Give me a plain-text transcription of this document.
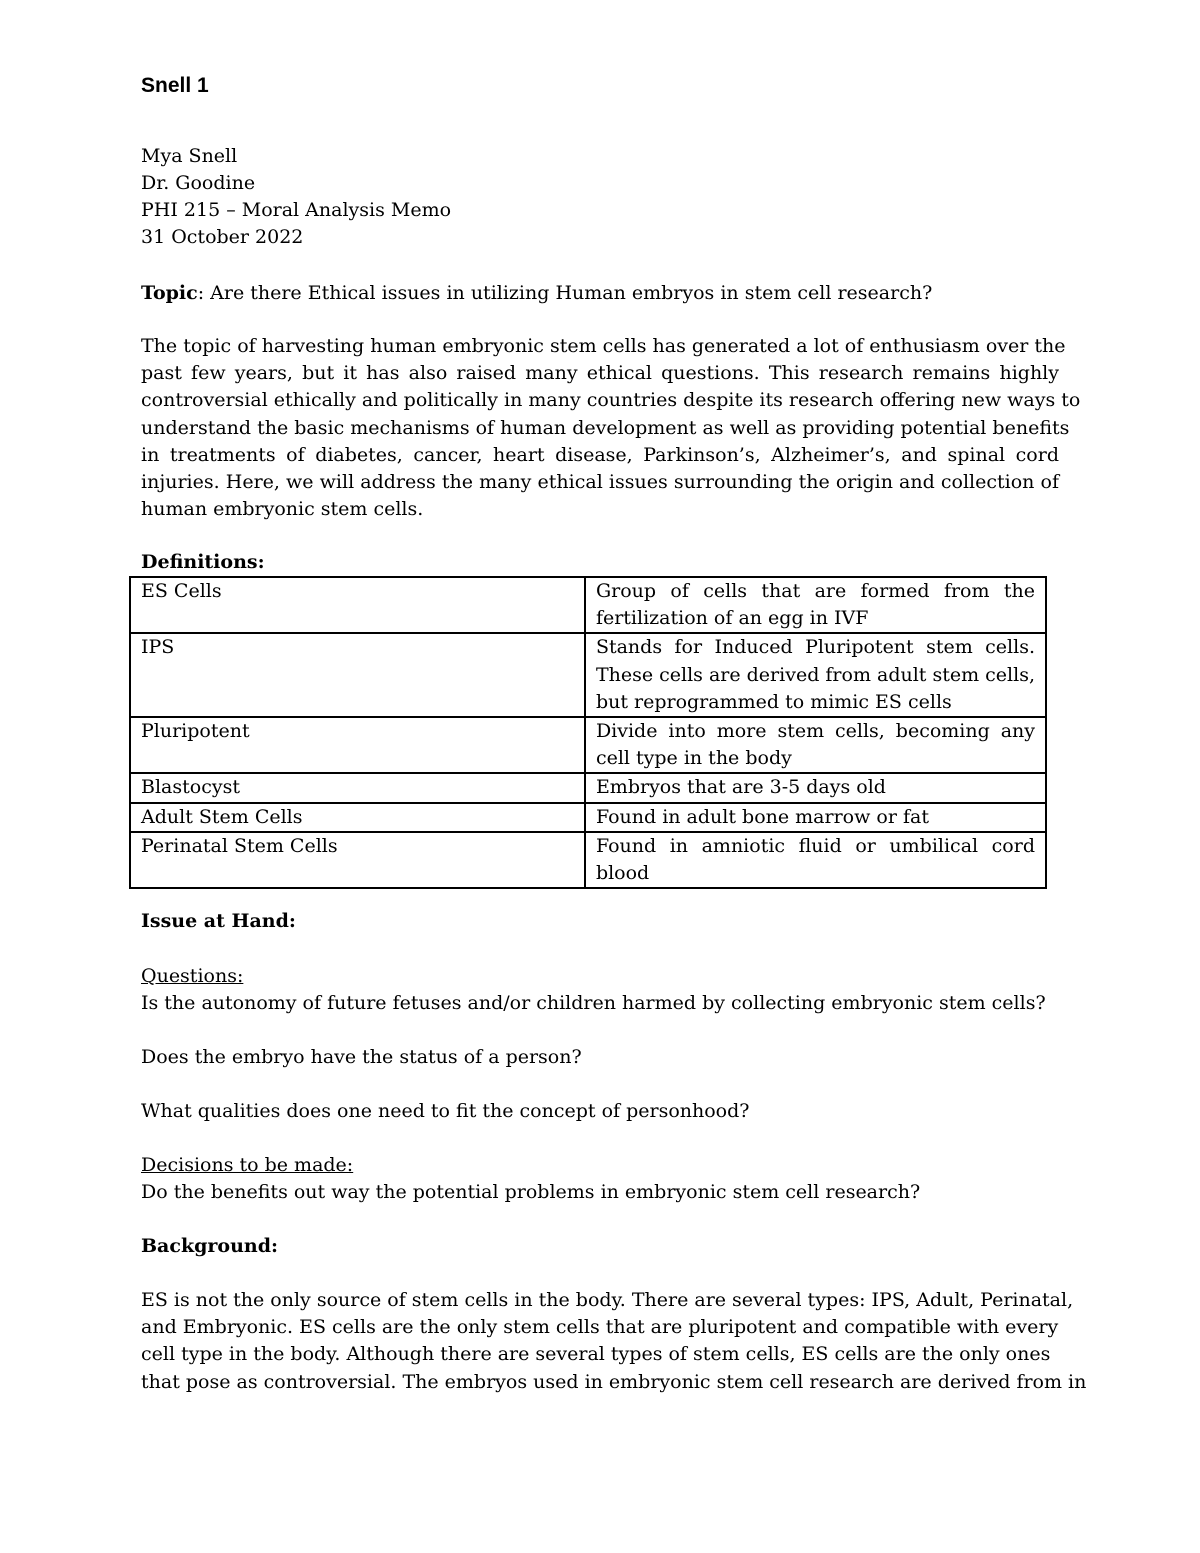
Snell 1
Mya Snell
Dr. Goodine
PHI 215 – Moral Analysis Memo
31 October 2022
Topic: Are there Ethical issues in utilizing Human embryos in stem cell research?
The topic of harvesting human embryonic stem cells has generated a lot of enthusiasm over the
past few years, but it has also raised many ethical questions. This research remains highly
controversial ethically and politically in many countries despite its research offering new ways to
understand the basic mechanisms of human development as well as providing potential benefits
in treatments of diabetes, cancer, heart disease, Parkinson’s, Alzheimer’s, and spinal cord
injuries. Here, we will address the many ethical issues surrounding the origin and collection of
human embryonic stem cells.
Definitions:
ES Cells	Group of cells that are formed from the
fertilization of an egg in IVF

IPS	Stands for Induced Pluripotent stem cells.
These cells are derived from adult stem cells,
but reprogrammed to mimic ES cells

Pluripotent	Divide into more stem cells, becoming any
cell type in the body

Blastocyst	Embryos that are 3-5 days old

Adult Stem Cells	Found in adult bone marrow or fat

Perinatal Stem Cells	Found in amniotic fluid or umbilical cord
blood
Issue at Hand:
Questions:
Is the autonomy of future fetuses and/or children harmed by collecting embryonic stem cells?
Does the embryo have the status of a person?
What qualities does one need to fit the concept of personhood?
Decisions to be made:
Do the benefits out way the potential problems in embryonic stem cell research?
Background:
ES is not the only source of stem cells in the body. There are several types: IPS, Adult, Perinatal,
and Embryonic. ES cells are the only stem cells that are pluripotent and compatible with every
cell type in the body. Although there are several types of stem cells, ES cells are the only ones
that pose as controversial. The embryos used in embryonic stem cell research are derived from in
